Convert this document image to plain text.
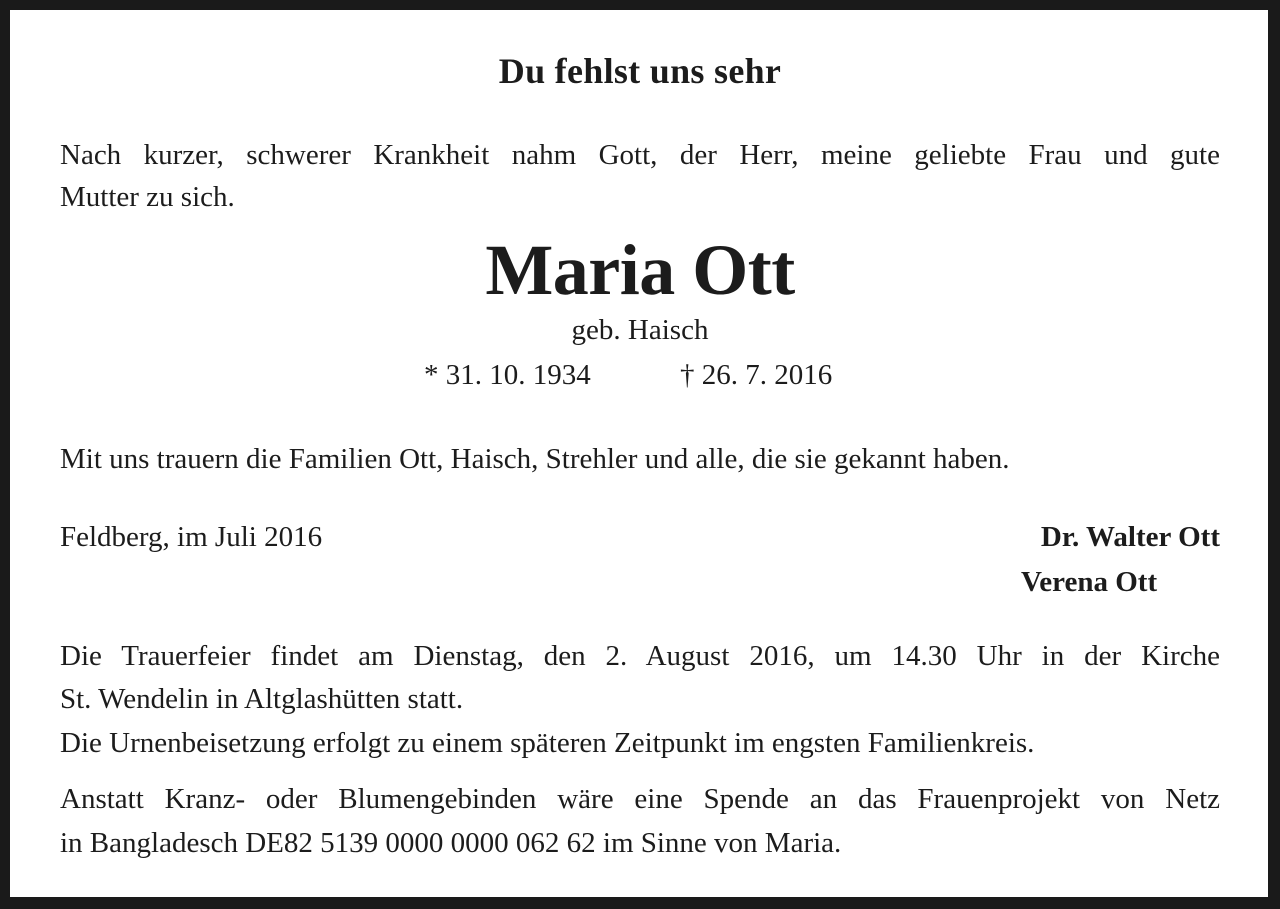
Du fehlst uns sehr

Nach kurzer, schwerer Krankheit nahm Gott, der Herr, meine geliebte Frau und gute

Mutter zu sich.

Maria Ott
geb. Haisch
* 31. 10. 1934	† 26. 7. 2016

Mit uns trauern die Familien Ott, Haisch, Strehler und alle, die sie gekannt haben.

Feldberg, im Juli 2016	Dr. Walter Ott
Verena Ott

Die Trauerfeier findet am Dienstag, den 2. August 2016, um 14.30 Uhr in der Kirche

St. Wendelin in Altglashütten statt.

Die Urnenbeisetzung erfolgt zu einem späteren Zeitpunkt im engsten Familienkreis.

Anstatt Kranz- oder Blumengebinden wäre eine Spende an das Frauenprojekt von Netz

in Bangladesch DE82 5139 0000 0000 062 62 im Sinne von Maria.
